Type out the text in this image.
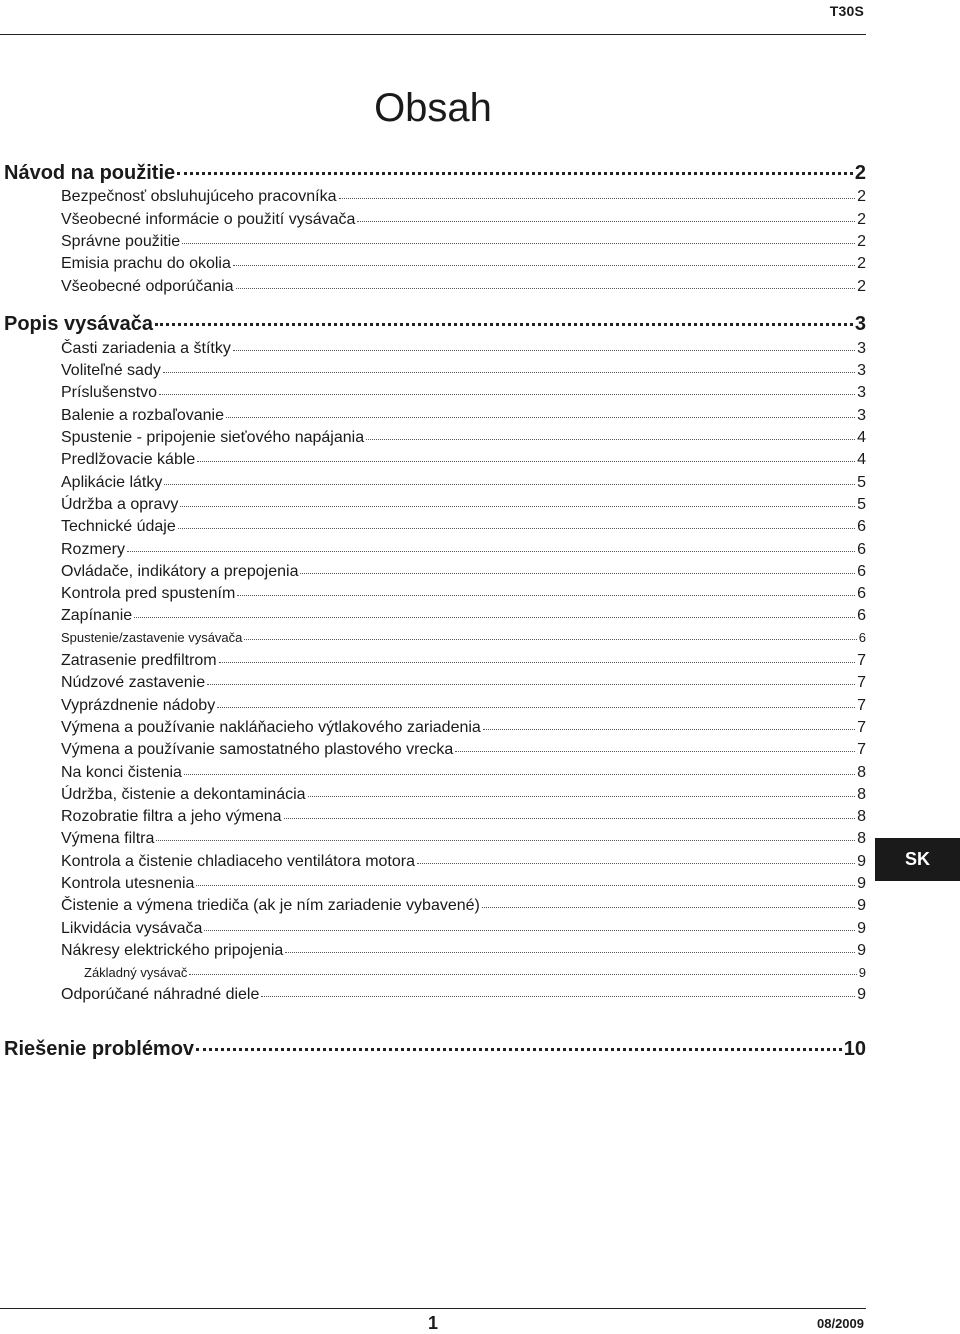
T30S
Obsah
Návod na použitie	2
Bezpečnosť obsluhujúceho pracovníka	2
Všeobecné informácie o použití vysávača	2
Správne použitie	2
Emisia prachu do okolia	2
Všeobecné odporúčania	2
Popis vysávača	3
Časti zariadenia a štítky	3
Voliteľné sady	3
Príslušenstvo	3
Balenie a rozbaľovanie	3
Spustenie - pripojenie sieťového napájania	4
Predlžovacie káble	4
Aplikácie látky	5
Údržba a opravy	5
Technické údaje	6
Rozmery	6
Ovládače, indikátory a prepojenia	6
Kontrola pred spustením	6
Zapínanie	6
Spustenie/zastavenie vysávača	6
Zatrasenie predfiltrom	7
Núdzové zastavenie	7
Vyprázdnenie nádoby	7
Výmena a používanie nakláňacieho výtlakového zariadenia	7
Výmena a používanie samostatného plastového vrecka	7
Na konci čistenia	8
Údržba, čistenie a dekontaminácia	8
Rozobratie filtra a jeho výmena	8
Výmena filtra	8
Kontrola a čistenie chladiaceho ventilátora motora	9
Kontrola utesnenia	9
Čistenie a výmena triediča (ak je ním zariadenie vybavené)	9
Likvidácia vysávača	9
Nákresy elektrického pripojenia	9
Základný vysávač	9
Odporúčané náhradné diele	9
Riešenie problémov	10
SK
1	08/2009
